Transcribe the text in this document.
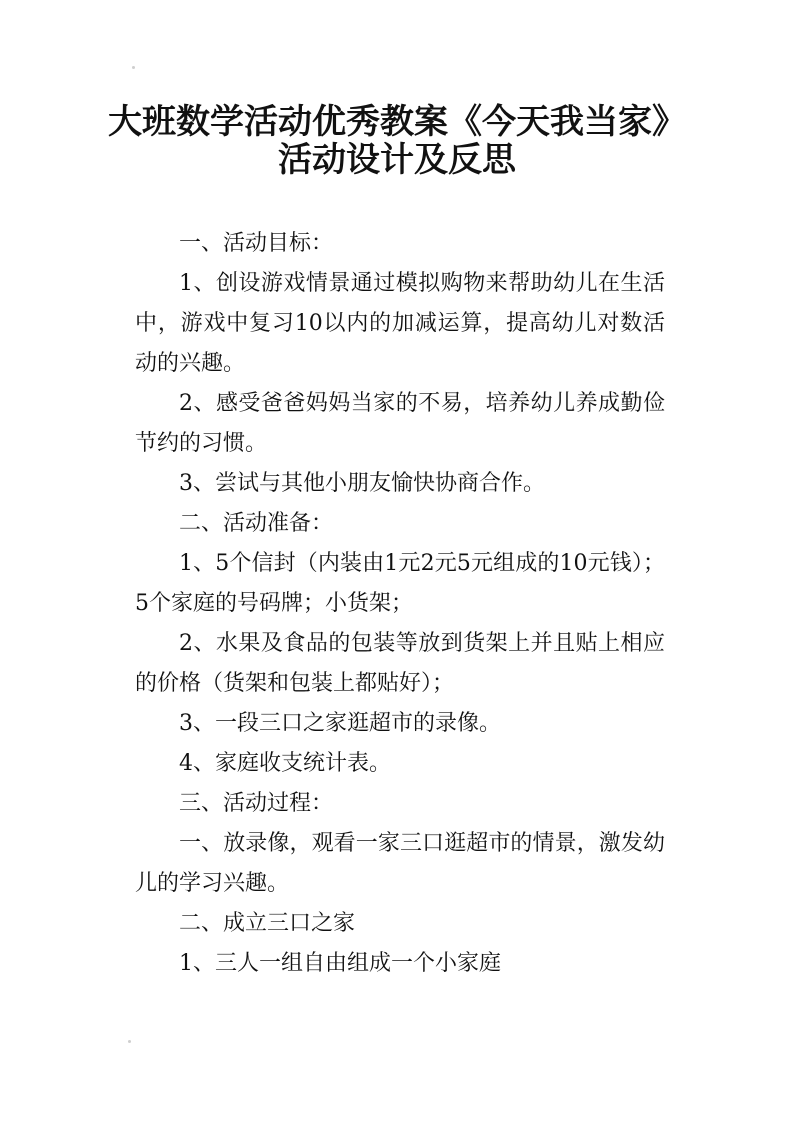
大班数学活动优秀教案《今天我当家》
活动设计及反思

一、活动目标：

1、创设游戏情景通过模拟购物来帮助幼儿在生活中，游戏中复习10以内的加减运算，提高幼儿对数活动的兴趣。

2、感受爸爸妈妈当家的不易，培养幼儿养成勤俭节约的习惯。

3、尝试与其他小朋友愉快协商合作。

二、活动准备：

1、5个信封（内装由1元2元5元组成的10元钱）；5个家庭的号码牌；小货架；

2、水果及食品的包装等放到货架上并且贴上相应的价格（货架和包装上都贴好）；

3、一段三口之家逛超市的录像。

4、家庭收支统计表。

三、活动过程：

一、放录像，观看一家三口逛超市的情景，激发幼儿的学习兴趣。

二、成立三口之家

1、三人一组自由组成一个小家庭
